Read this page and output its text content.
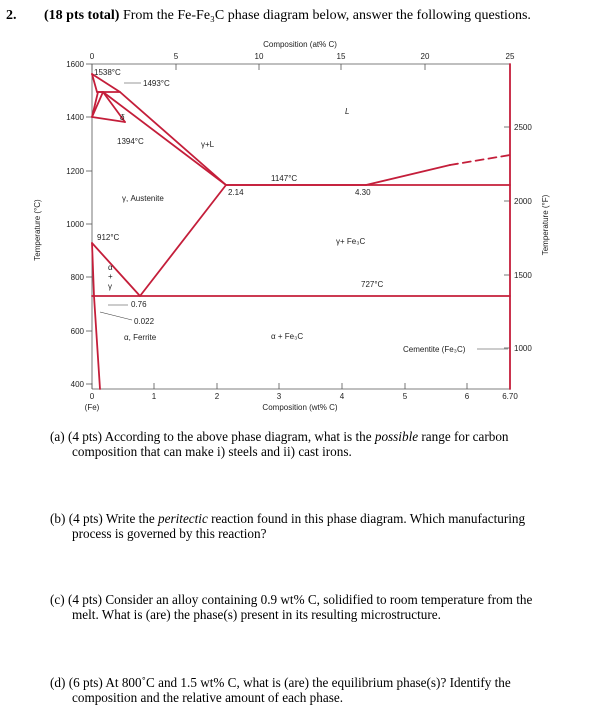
2. (18 pts total) From the Fe-Fe₃C phase diagram below, answer the following questions.
Composition (at% C)
0	5	10	15	20	25
1600
1400
1200
1000
800
600
400
Temperature (°C)
2500
2000
1500
1000
Temperature (°F)
0	1	2	3	4	5	6	6.70
(Fe)	Composition (wt% C)
1538°C
1493°C
δ
L
1394°C	γ+L
1147°C
2.14	4.30
γ, Austenite
912°C	γ+ Fe₃C
727°C
α
+
γ
0.76
0.022
α, Ferrite	α + Fe₃C
Cementite (Fe₃C)
(a) (4 pts) According to the above phase diagram, what is the possible range for carbon
composition that can make i) steels and ii) cast irons.
(b) (4 pts) Write the peritectic reaction found in this phase diagram. Which manufacturing
process is governed by this reaction?
(c) (4 pts) Consider an alloy containing 0.9 wt% C, solidified to room temperature from the
melt. What is (are) the phase(s) present in its resulting microstructure.
(d) (6 pts) At 800˚C and 1.5 wt% C, what is (are) the equilibrium phase(s)? Identify the
composition and the relative amount of each phase.
